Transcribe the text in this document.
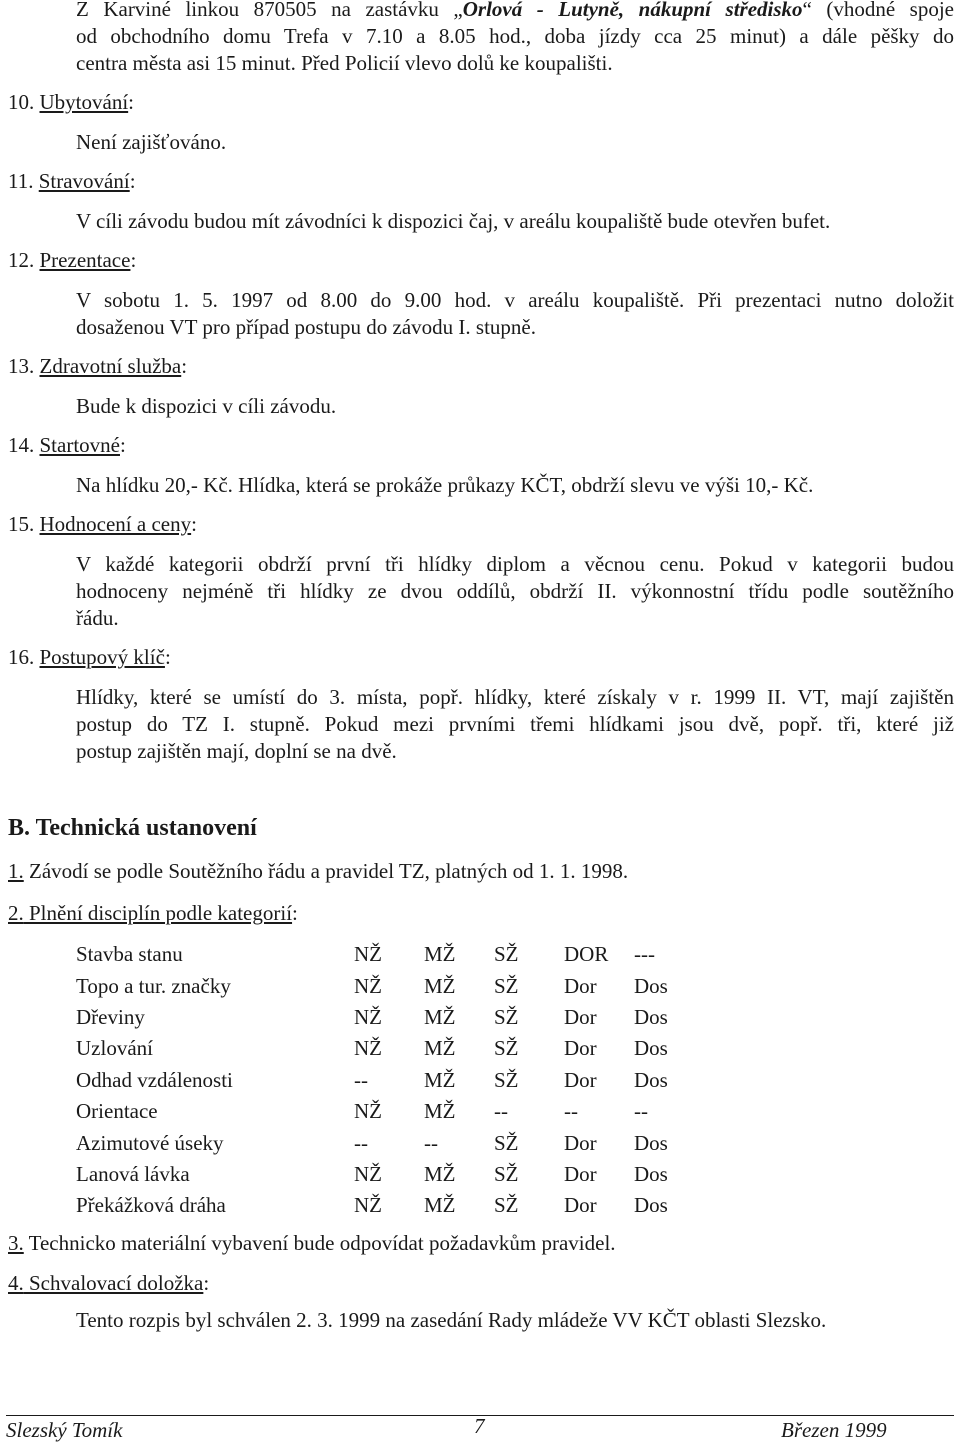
Z Karviné linkou 870505 na zastávku „Orlová - Lutyně, nákupní středisko“ (vhodné spoje
od obchodního domu Trefa v 7.10 a 8.05 hod., doba jízdy cca 25 minut) a dále pěšky do
centra města asi 15 minut. Před Policií vlevo dolů ke koupališti.
10. Ubytování:
Není zajišťováno.
11. Stravování:
V cíli závodu budou mít závodníci k dispozici čaj, v areálu koupaliště bude otevřen bufet.
12. Prezentace:
V sobotu 1. 5. 1997 od 8.00 do 9.00 hod. v areálu koupaliště. Při prezentaci nutno doložit
dosaženou VT pro případ postupu do závodu I. stupně.
13. Zdravotní služba:
Bude k dispozici v cíli závodu.
14. Startovné:
Na hlídku 20,- Kč. Hlídka, která se prokáže průkazy KČT, obdrží slevu ve výši 10,- Kč.
15. Hodnocení a ceny:
V každé kategorii obdrží první tři hlídky diplom a věcnou cenu. Pokud v kategorii budou
hodnoceny nejméně tři hlídky ze dvou oddílů, obdrží II. výkonnostní třídu podle soutěžního
řádu.
16. Postupový klíč:
Hlídky, které se umístí do 3. místa, popř. hlídky, které získaly v r. 1999 II. VT, mají zajištěn
postup do TZ I. stupně. Pokud mezi prvními třemi hlídkami jsou dvě, popř. tři, které již
postup zajištěn mají, doplní se na dvě.
B. Technická ustanovení
1. Závodí se podle Soutěžního řádu a pravidel TZ, platných od 1. 1. 1998.
2. Plnění disciplín podle kategorií:
Stavba stanu	NŽ	MŽ	SŽ	DOR	---
Topo a tur. značky	NŽ	MŽ	SŽ	Dor	Dos
Dřeviny	NŽ	MŽ	SŽ	Dor	Dos
Uzlování	NŽ	MŽ	SŽ	Dor	Dos
Odhad vzdálenosti	--	MŽ	SŽ	Dor	Dos
Orientace	NŽ	MŽ	--	--	--
Azimutové úseky	--	--	SŽ	Dor	Dos
Lanová lávka	NŽ	MŽ	SŽ	Dor	Dos
Překážková dráha	NŽ	MŽ	SŽ	Dor	Dos
3. Technicko materiální vybavení bude odpovídat požadavkům pravidel.
4. Schvalovací doložka:
Tento rozpis byl schválen 2. 3. 1999 na zasedání Rady mládeže VV KČT oblasti Slezsko.
Slezský Tomík	7	Březen 1999
